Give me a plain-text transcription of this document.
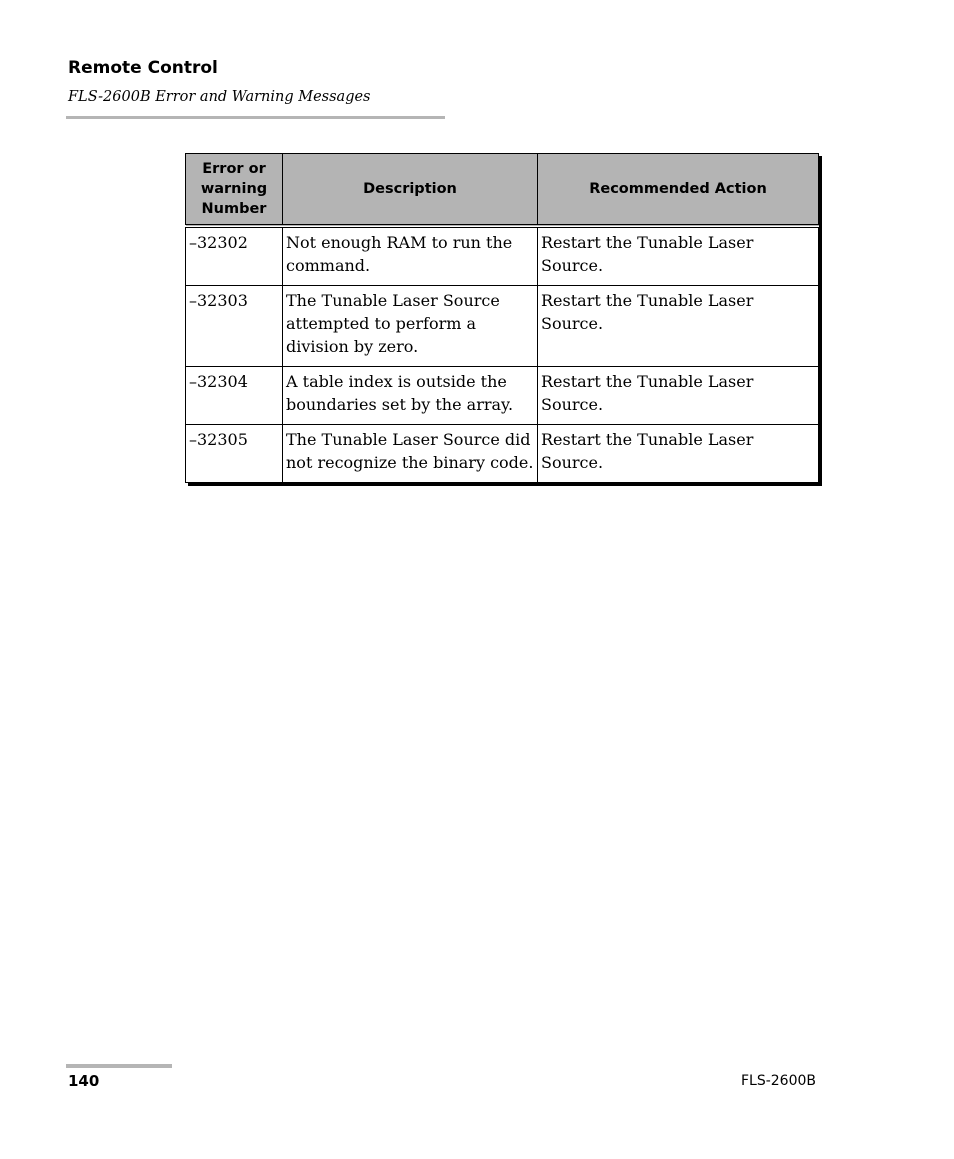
Remote Control
FLS-2600B Error and Warning Messages
Error or warning Number	Description	Recommended Action
–32302	Not enough RAM to run the command.	Restart the Tunable Laser Source.
–32303	The Tunable Laser Source attempted to perform a division by zero.	Restart the Tunable Laser Source.
–32304	A table index is outside the boundaries set by the array.	Restart the Tunable Laser Source.
–32305	The Tunable Laser Source did not recognize the binary code.	Restart the Tunable Laser Source.
140	FLS-2600B
